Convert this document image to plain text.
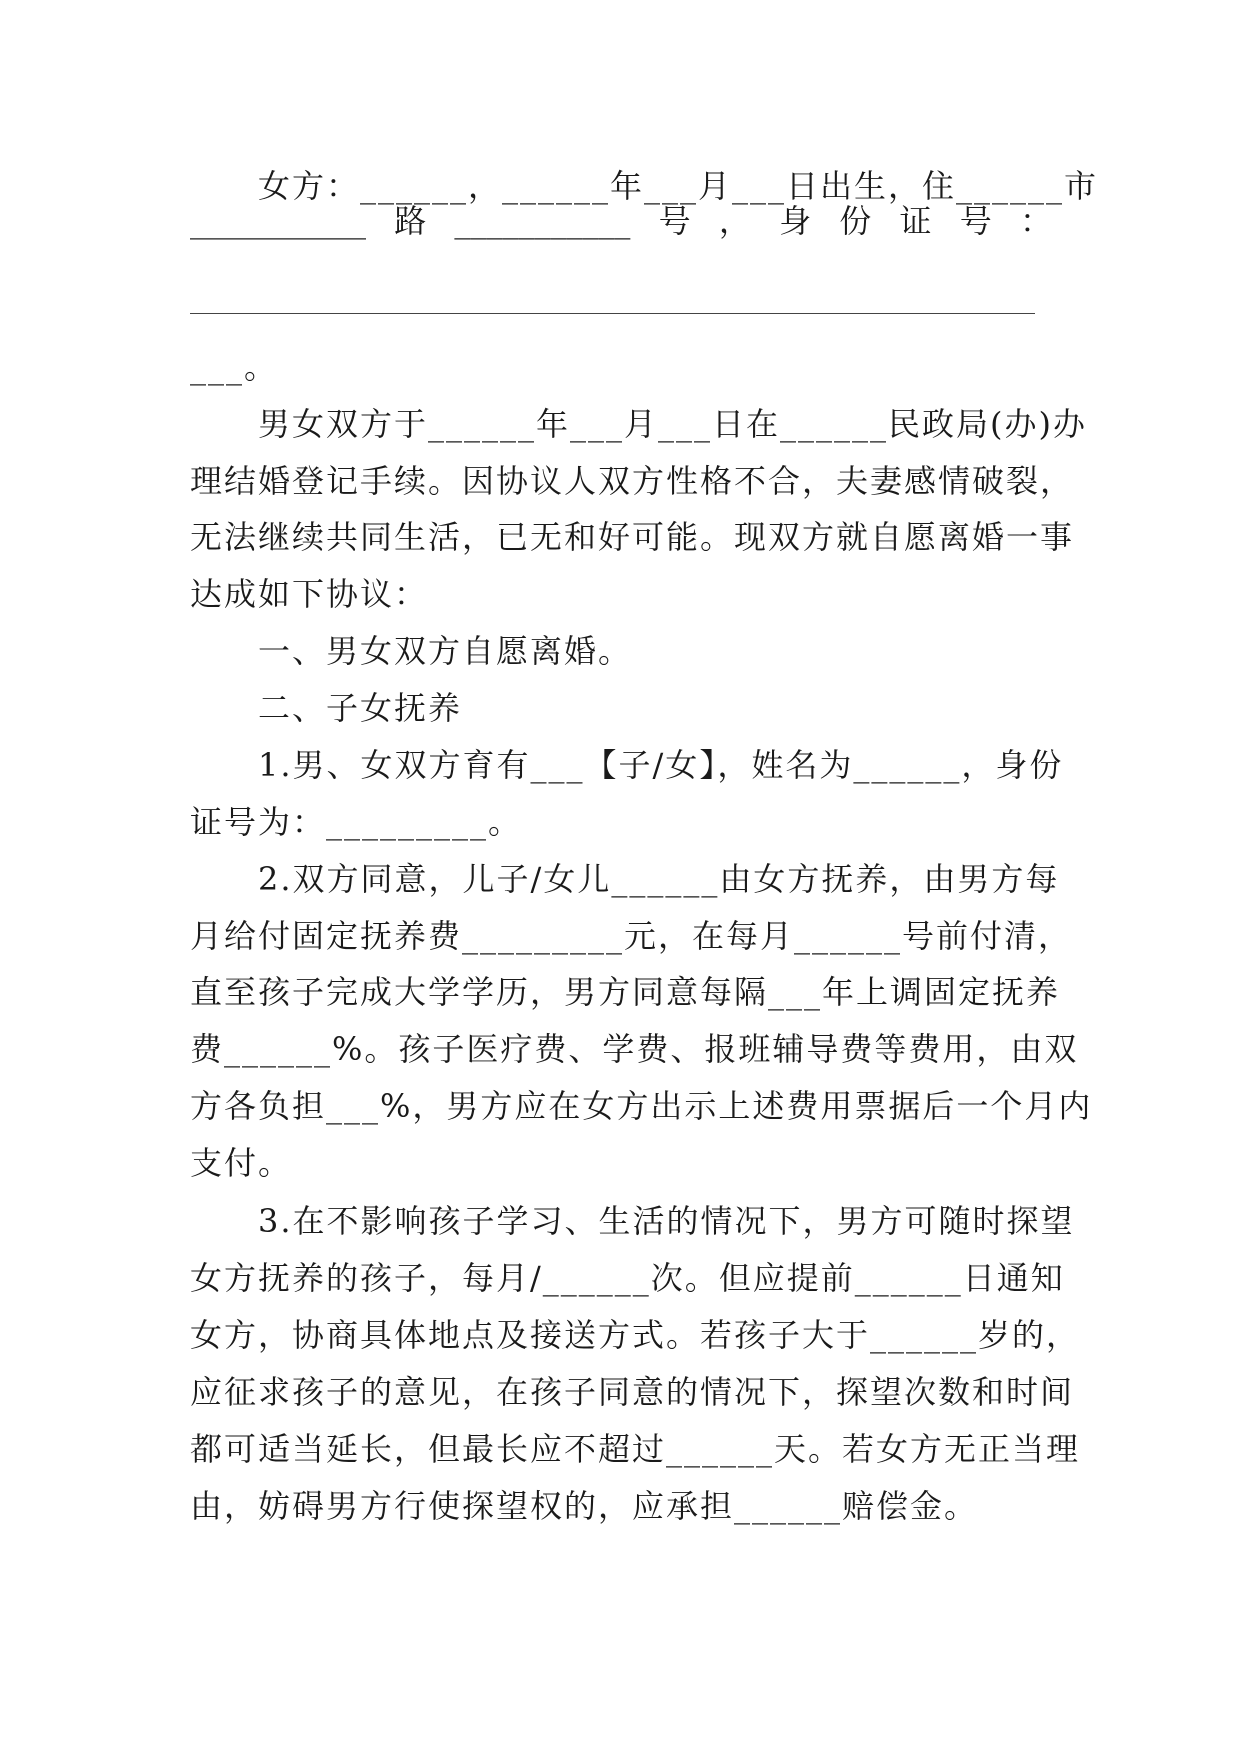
女方：______，______年___月___日出生，住______市
___________ 路 ___________ 号 ， 身 份 证 号 ：
___。
男女双方于______年___月___日在______民政局(办)办
理结婚登记手续。因协议人双方性格不合，夫妻感情破裂，
无法继续共同生活，已无和好可能。现双方就自愿离婚一事
达成如下协议：
一、男女双方自愿离婚。
二、子女抚养
1.男、女双方育有___【子/女】，姓名为______，身份
证号为：_________。
2.双方同意，儿子/女儿______由女方抚养，由男方每
月给付固定抚养费_________元，在每月______号前付清，
直至孩子完成大学学历，男方同意每隔___年上调固定抚养
费______%。孩子医疗费、学费、报班辅导费等费用，由双
方各负担___%，男方应在女方出示上述费用票据后一个月内
支付。
3.在不影响孩子学习、生活的情况下，男方可随时探望
女方抚养的孩子，每月/______次。但应提前______日通知
女方，协商具体地点及接送方式。若孩子大于______岁的，
应征求孩子的意见，在孩子同意的情况下，探望次数和时间
都可适当延长，但最长应不超过______天。若女方无正当理
由，妨碍男方行使探望权的，应承担______赔偿金。
